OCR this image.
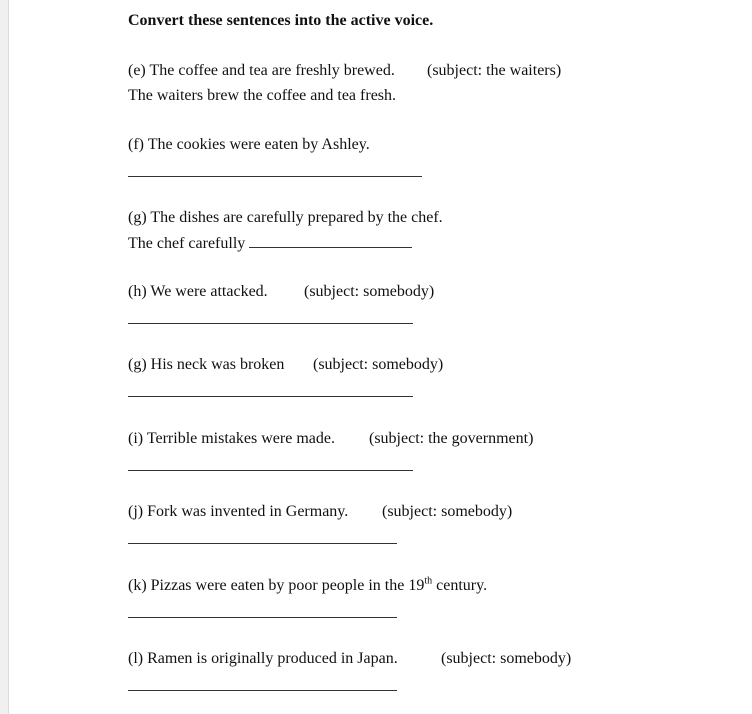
Convert these sentences into the active voice.
(e) The coffee and tea are freshly brewed. (subject: the waiters)
The waiters brew the coffee and tea fresh.
(f) The cookies were eaten by Ashley.
(g) The dishes are carefully prepared by the chef.
The chef carefully
(h) We were attacked. (subject: somebody)
(g) His neck was broken (subject: somebody)
(i) Terrible mistakes were made. (subject: the government)
(j) Fork was invented in Germany. (subject: somebody)
(k) Pizzas were eaten by poor people in the 19th century.
(l) Ramen is originally produced in Japan.	(subject: somebody)
